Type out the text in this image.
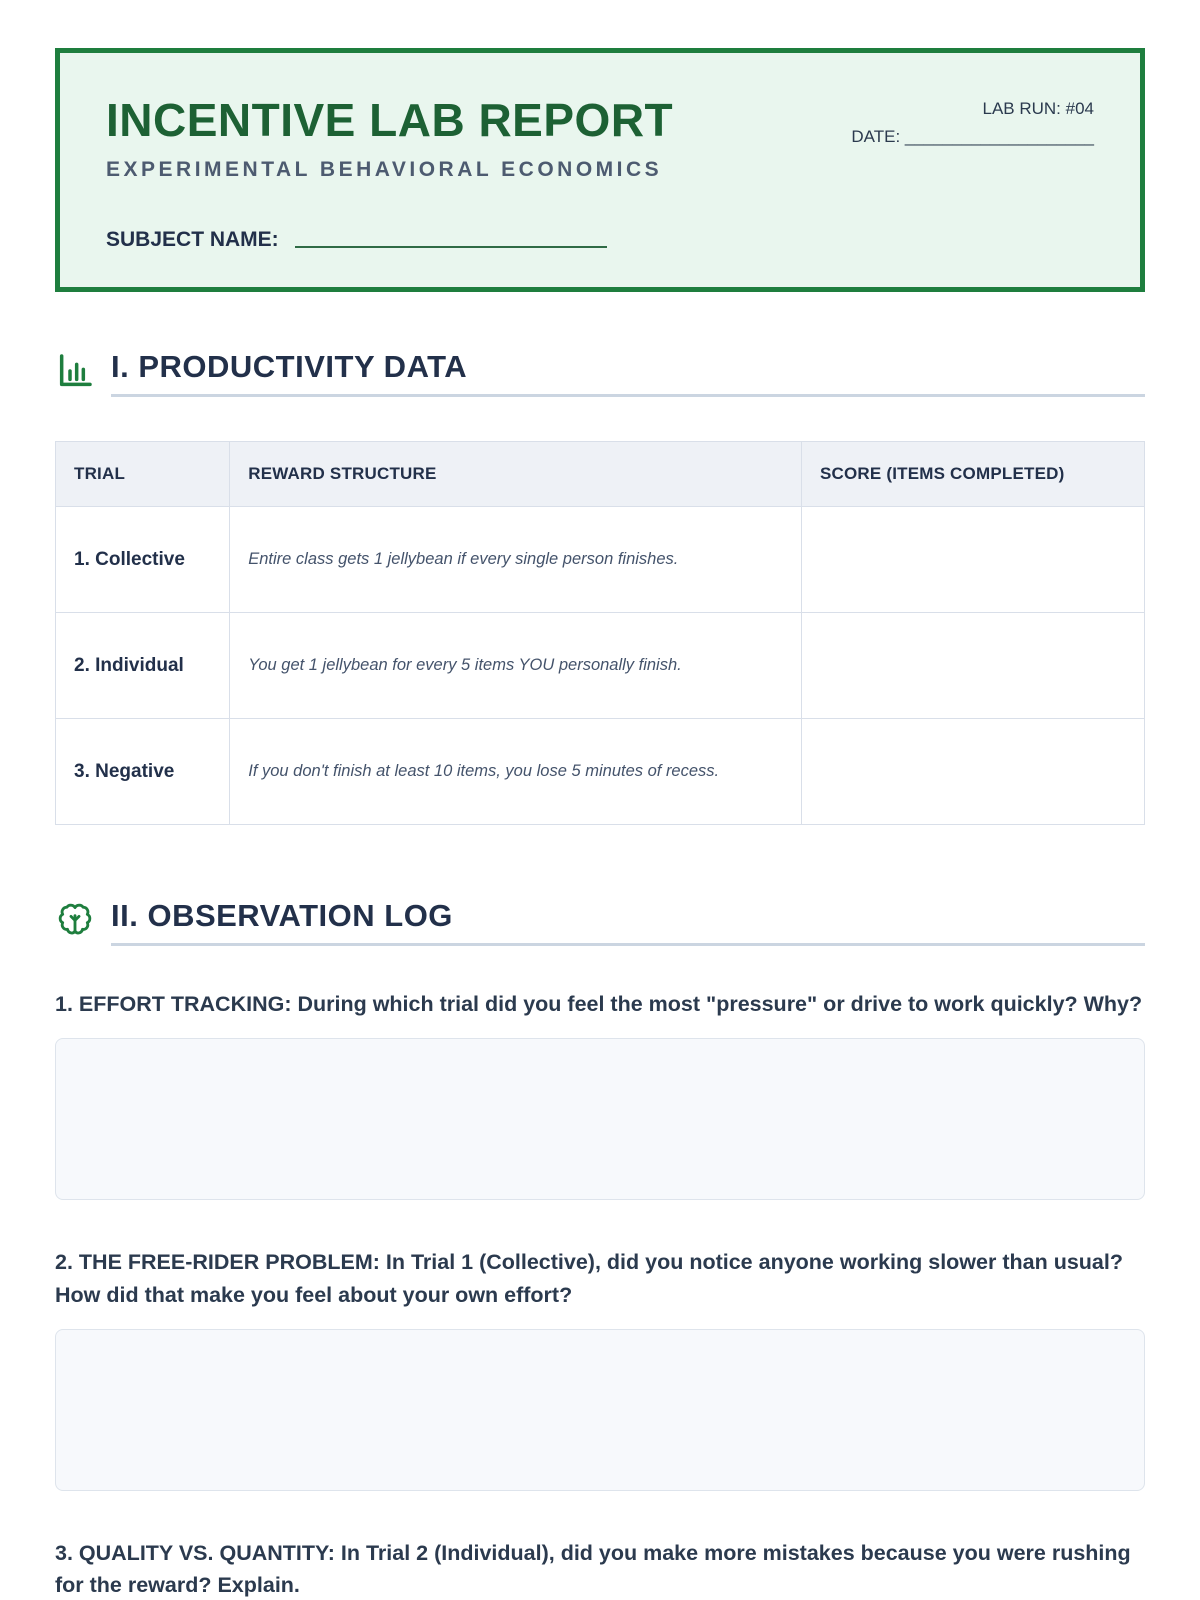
INCENTIVE LAB REPORT

EXPERIMENTAL BEHAVIORAL ECONOMICS

LAB RUN: #04
DATE: ____________________
SUBJECT NAME:
I. PRODUCTIVITY DATA
TRIAL	REWARD STRUCTURE	SCORE (ITEMS COMPLETED)
1. Collective	Entire class gets 1 jellybean if every single person finishes.	
2. Individual	You get 1 jellybean for every 5 items YOU personally finish.	
3. Negative	If you don't finish at least 10 items, you lose 5 minutes of recess.	
II. OBSERVATION LOG

1. EFFORT TRACKING: During which trial did you feel the most "pressure" or drive to work quickly? Why?

2. THE FREE-RIDER PROBLEM: In Trial 1 (Collective), did you notice anyone working slower than usual? How did that make you feel about your own effort?

3. QUALITY VS. QUANTITY: In Trial 2 (Individual), did you make more mistakes because you were rushing for the reward? Explain.
